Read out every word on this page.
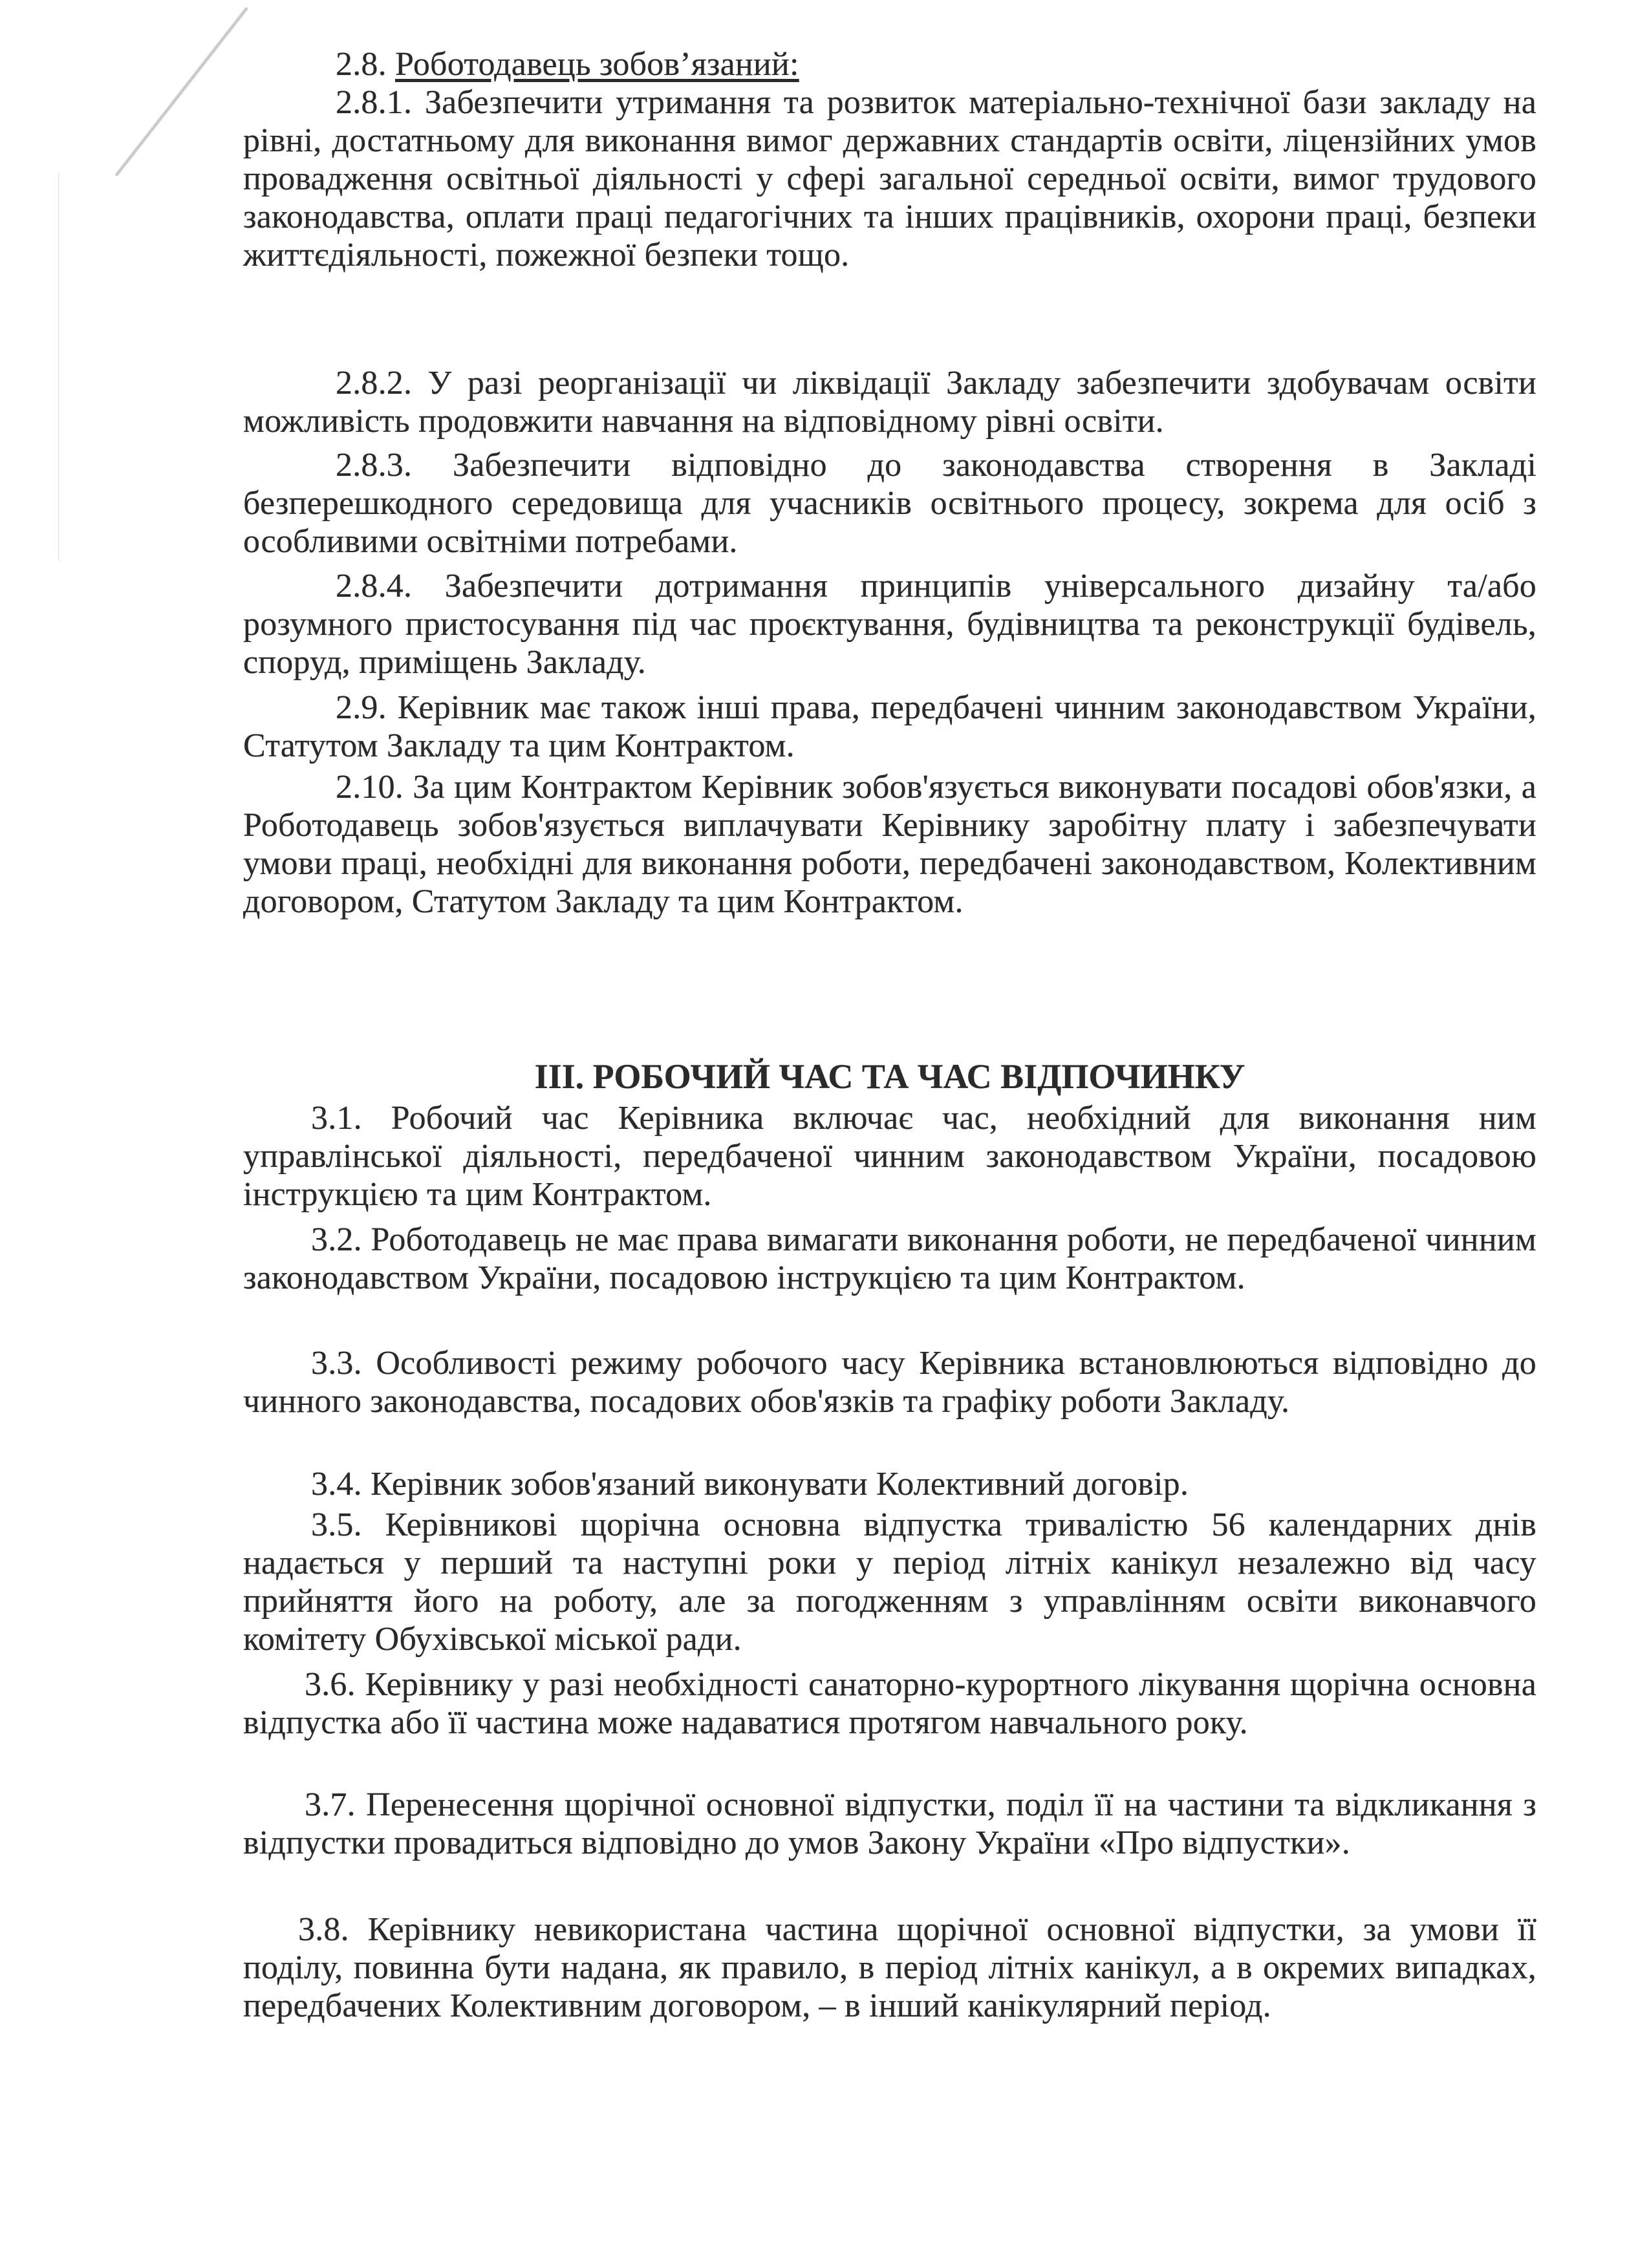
2.8. Роботодавець зобов’язаний:
2.8.1. Забезпечити утримання та розвиток матеріально-технічної бази закладу на рівні, достатньому для виконання вимог державних стандартів освіти, ліцензійних умов провадження освітньої діяльності у сфері загальної середньої освіти, вимог трудового законодавства, оплати праці педагогічних та інших працівників, охорони праці, безпеки життєдіяльності, пожежної безпеки тощо.
2.8.2. У разі реорганізації чи ліквідації Закладу забезпечити здобувачам освіти можливість продовжити навчання на відповідному рівні освіти.
2.8.3. Забезпечити відповідно до законодавства створення в Закладі безперешкодного середовища для учасників освітнього процесу, зокрема для осіб з особливими освітніми потребами.
2.8.4. Забезпечити дотримання принципів універсального дизайну та/або розумного пристосування під час проєктування, будівництва та реконструкції будівель, споруд, приміщень Закладу.
2.9. Керівник має також інші права, передбачені чинним законодавством України, Статутом Закладу та цим Контрактом.
2.10. За цим Контрактом Керівник зобов'язується виконувати посадові обов'язки, а Роботодавець зобов'язується виплачувати Керівнику заробітну плату і забезпечувати умови праці, необхідні для виконання роботи, передбачені законодавством, Колективним договором, Статутом Закладу та цим Контрактом.
ІІІ. РОБОЧИЙ ЧАС ТА ЧАС ВІДПОЧИНКУ
3.1. Робочий час Керівника включає час, необхідний для виконання ним управлінської діяльності, передбаченої чинним законодавством України, посадовою інструкцією та цим Контрактом.
3.2. Роботодавець не має права вимагати виконання роботи, не передбаченої чинним законодавством України, посадовою інструкцією та цим Контрактом.
3.3. Особливості режиму робочого часу Керівника встановлюються відповідно до чинного законодавства, посадових обов'язків та графіку роботи Закладу.
3.4. Керівник зобов'язаний виконувати Колективний договір.
3.5. Керівникові щорічна основна відпустка тривалістю 56 календарних днів надається у перший та наступні роки у період літніх канікул незалежно від часу прийняття його на роботу, але за погодженням з управлінням освіти виконавчого комітету Обухівської міської ради.
3.6. Керівнику у разі необхідності санаторно-курортного лікування щорічна основна відпустка або її частина може надаватися протягом навчального року.
3.7. Перенесення щорічної основної відпустки, поділ її на частини та відкликання з відпустки провадиться відповідно до умов Закону України «Про відпустки».
3.8. Керівнику невикористана частина щорічної основної відпустки, за умови її поділу, повинна бути надана, як правило, в період літніх канікул, а в окремих випадках, передбачених Колективним договором, – в інший канікулярний період.
